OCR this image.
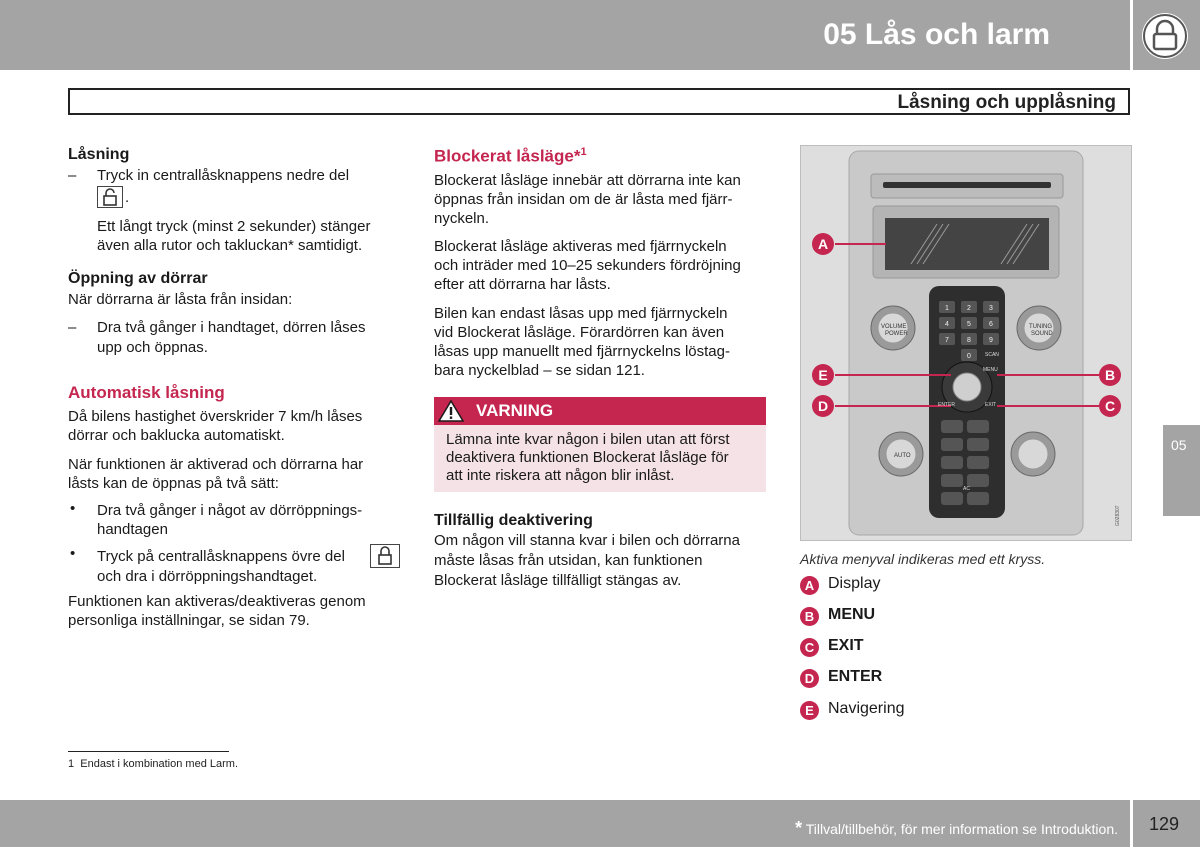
05 Lås och larm
Låsning och upplåsning
Låsning
– Tryck in centrallåsknappens nedre del
.
Ett långt tryck (minst 2 sekunder) stänger
även alla rutor och takluckan* samtidigt.
Öppning av dörrar
När dörrarna är låsta från insidan:
– Dra två gånger i handtaget, dörren låses
upp och öppnas.
Automatisk låsning
Då bilens hastighet överskrider 7 km/h låses
dörrar och baklucka automatiskt.
När funktionen är aktiverad och dörrarna har
låsts kan de öppnas på två sätt:
• Dra två gånger i något av dörröppnings-
handtagen
• Tryck på centrallåsknappens övre del
och dra i dörröppningshandtaget.
Funktionen kan aktiveras/deaktiveras genom
personliga inställningar, se sidan 79.
Blockerat låsläge*$^1$
Blockerat låsläge innebär att dörrarna inte kan
öppnas från insidan om de är låsta med fjärr-
nyckeln.
Blockerat låsläge aktiveras med fjärrnyckeln
och inträder med 10–25 sekunders fördröjning
efter att dörrarna har låsts.
Bilen kan endast låsas upp med fjärrnyckeln
vid Blockerat låsläge. Förardörren kan även
låsas upp manuellt med fjärrnyckelns löstag-
bara nyckelblad – se sidan 121.
VARNING
Lämna inte kvar någon i bilen utan att först
deaktivera funktionen Blockerat låsläge för
att inte riskera att någon blir inlåst.
Tillfällig deaktivering
Om någon vill stanna kvar i bilen och dörrarna
måste låsas från utsidan, kan funktionen
Blockerat låsläge tillfälligt stängas av.
1	2	3
4	5	6
7	8	9
0
VOLUME
POWER
TUNING
SOUND
AUTO
MENU
ENTER	EXIT
SCAN
AC
G028307
A
E
D
B
C
Aktiva menyval indikeras med ett kryss.
A Display
B MENU
C EXIT
D ENTER
E Navigering
05
1 Endast i kombination med Larm.
* Tillval/tillbehör, för mer information se Introduktion. 129
